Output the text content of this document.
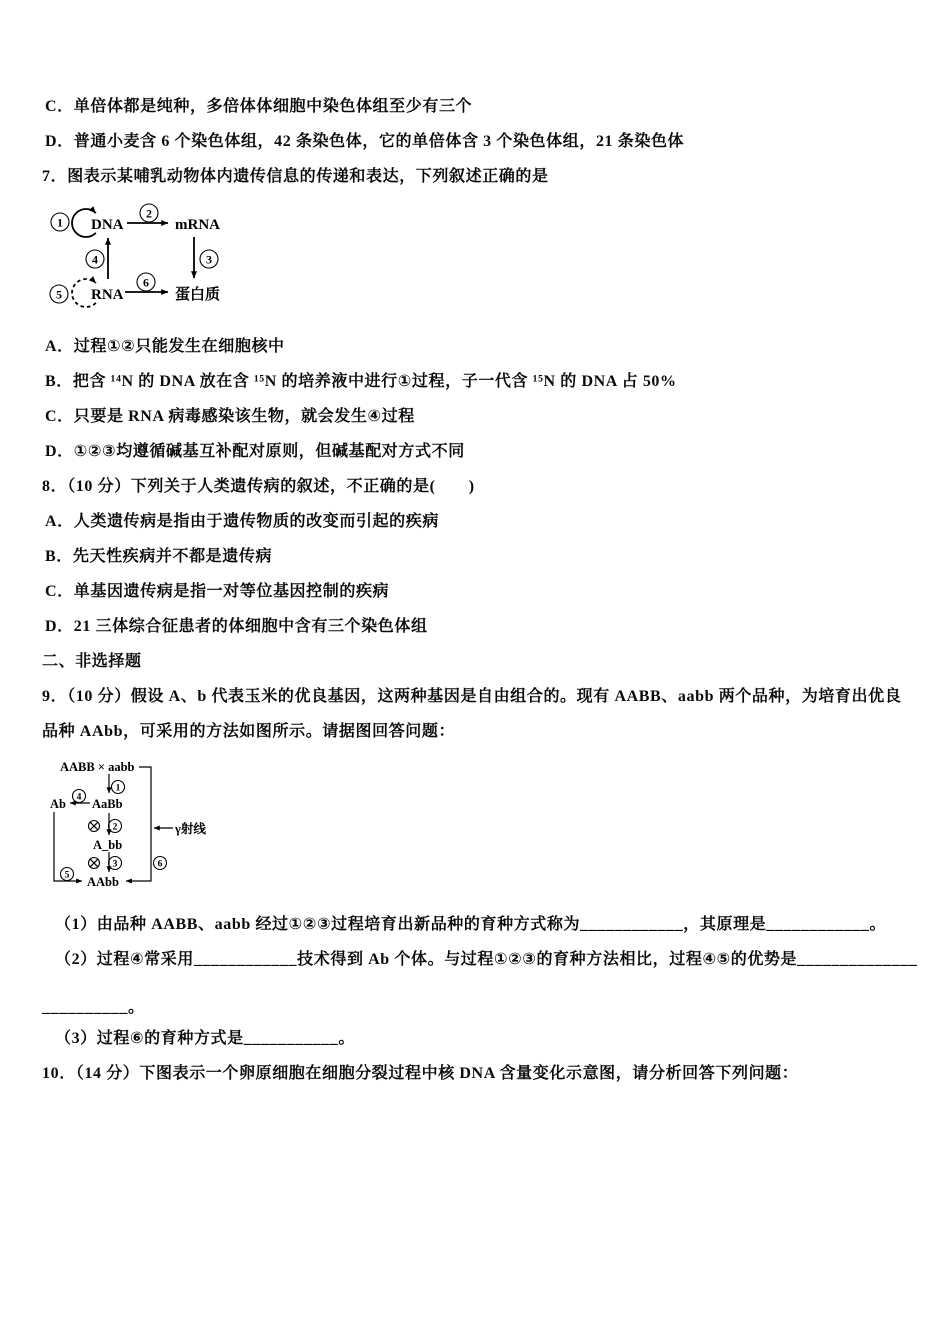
C．单倍体都是纯种，多倍体体细胞中染色体组至少有三个
D．普通小麦含 6 个染色体组，42 条染色体，它的单倍体含 3 个染色体组，21 条染色体
7．图表示某哺乳动物体内遗传信息的传递和表达，下列叙述正确的是
1 DNA
2
mRNA
3
4
5 RNA
6
蛋白质
A．过程①②只能发生在细胞核中
B．把含 ¹⁴N 的 DNA 放在含 ¹⁵N 的培养液中进行①过程，子一代含 ¹⁵N 的 DNA 占 50%
C．只要是 RNA 病毒感染该生物，就会发生④过程
D．①②③均遵循碱基互补配对原则，但碱基配对方式不同
8．（10 分）下列关于人类遗传病的叙述，不正确的是(　　)
A．人类遗传病是指由于遗传物质的改变而引起的疾病
B．先天性疾病并不都是遗传病
C．单基因遗传病是指一对等位基因控制的疾病
D．21 三体综合征患者的体细胞中含有三个染色体组
二、非选择题
9．（10 分）假设 A、b 代表玉米的优良基因，这两种基因是自由组合的。现有 AABB、aabb 两个品种，为培育出优良
品种 AAbb，可采用的方法如图所示。请据图回答问题：
AABB × aabb
6
γ射线
1
Ab 4 AaBb
2
A_bb
3
5 AAbb
（1）由品种 AABB、aabb 经过①②③过程培育出新品种的育种方式称为____________，其原理是____________。
（2）过程④常采用____________技术得到 Ab 个体。与过程①②③的育种方法相比，过程④⑤的优势是______________
__________。
（3）过程⑥的育种方式是___________。
10．（14 分）下图表示一个卵原细胞在细胞分裂过程中核 DNA 含量变化示意图，请分析回答下列问题：
